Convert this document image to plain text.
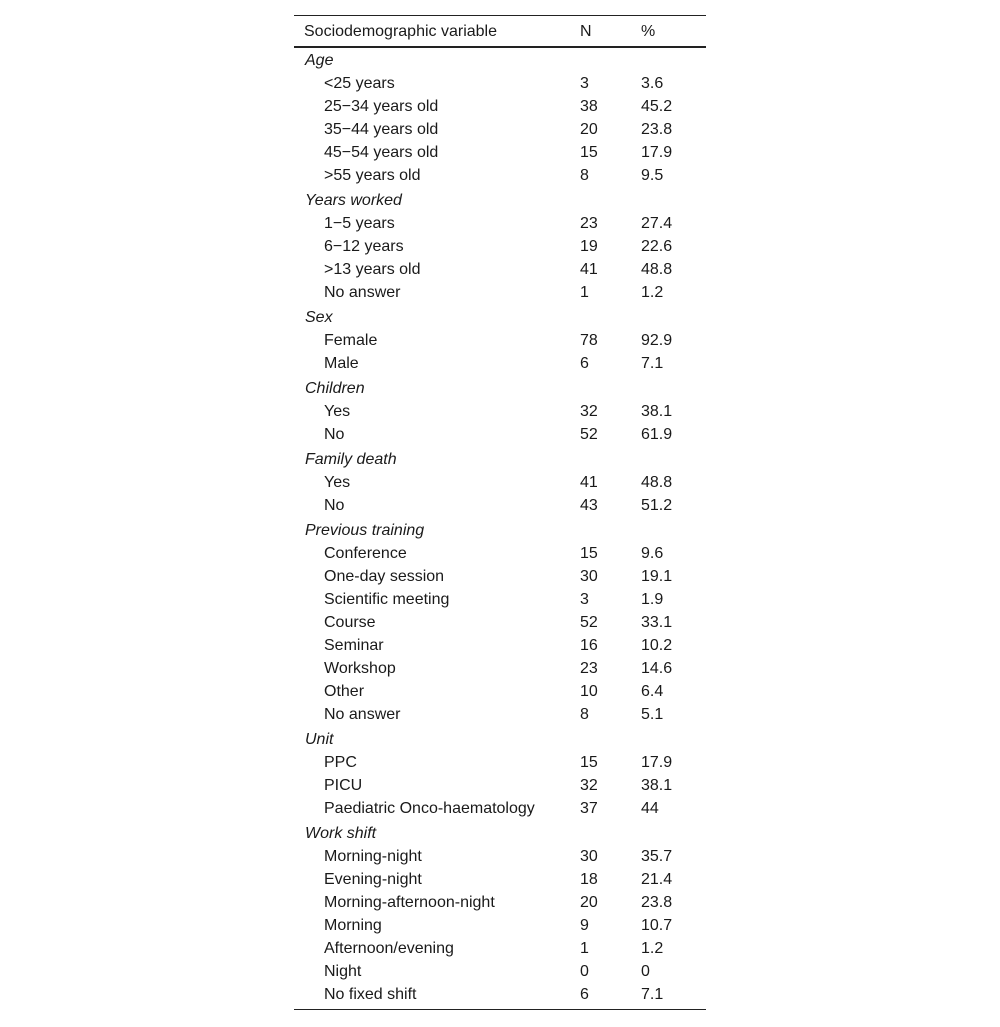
Sociodemographic variable	N	%
Age		
<25 years	3	3.6
25−34 years old	38	45.2
35−44 years old	20	23.8
45−54 years old	15	17.9
>55 years old	8	9.5
Years worked		
1−5 years	23	27.4
6−12 years	19	22.6
>13 years old	41	48.8
No answer	1	1.2
Sex		
Female	78	92.9
Male	6	7.1
Children		
Yes	32	38.1
No	52	61.9
Family death		
Yes	41	48.8
No	43	51.2
Previous training		
Conference	15	9.6
One-day session	30	19.1
Scientific meeting	3	1.9
Course	52	33.1
Seminar	16	10.2
Workshop	23	14.6
Other	10	6.4
No answer	8	5.1
Unit		
PPC	15	17.9
PICU	32	38.1
Paediatric Onco-haematology	37	44
Work shift		
Morning-night	30	35.7
Evening-night	18	21.4
Morning-afternoon-night	20	23.8
Morning	9	10.7
Afternoon/evening	1	1.2
Night	0	0
No fixed shift	6	7.1
